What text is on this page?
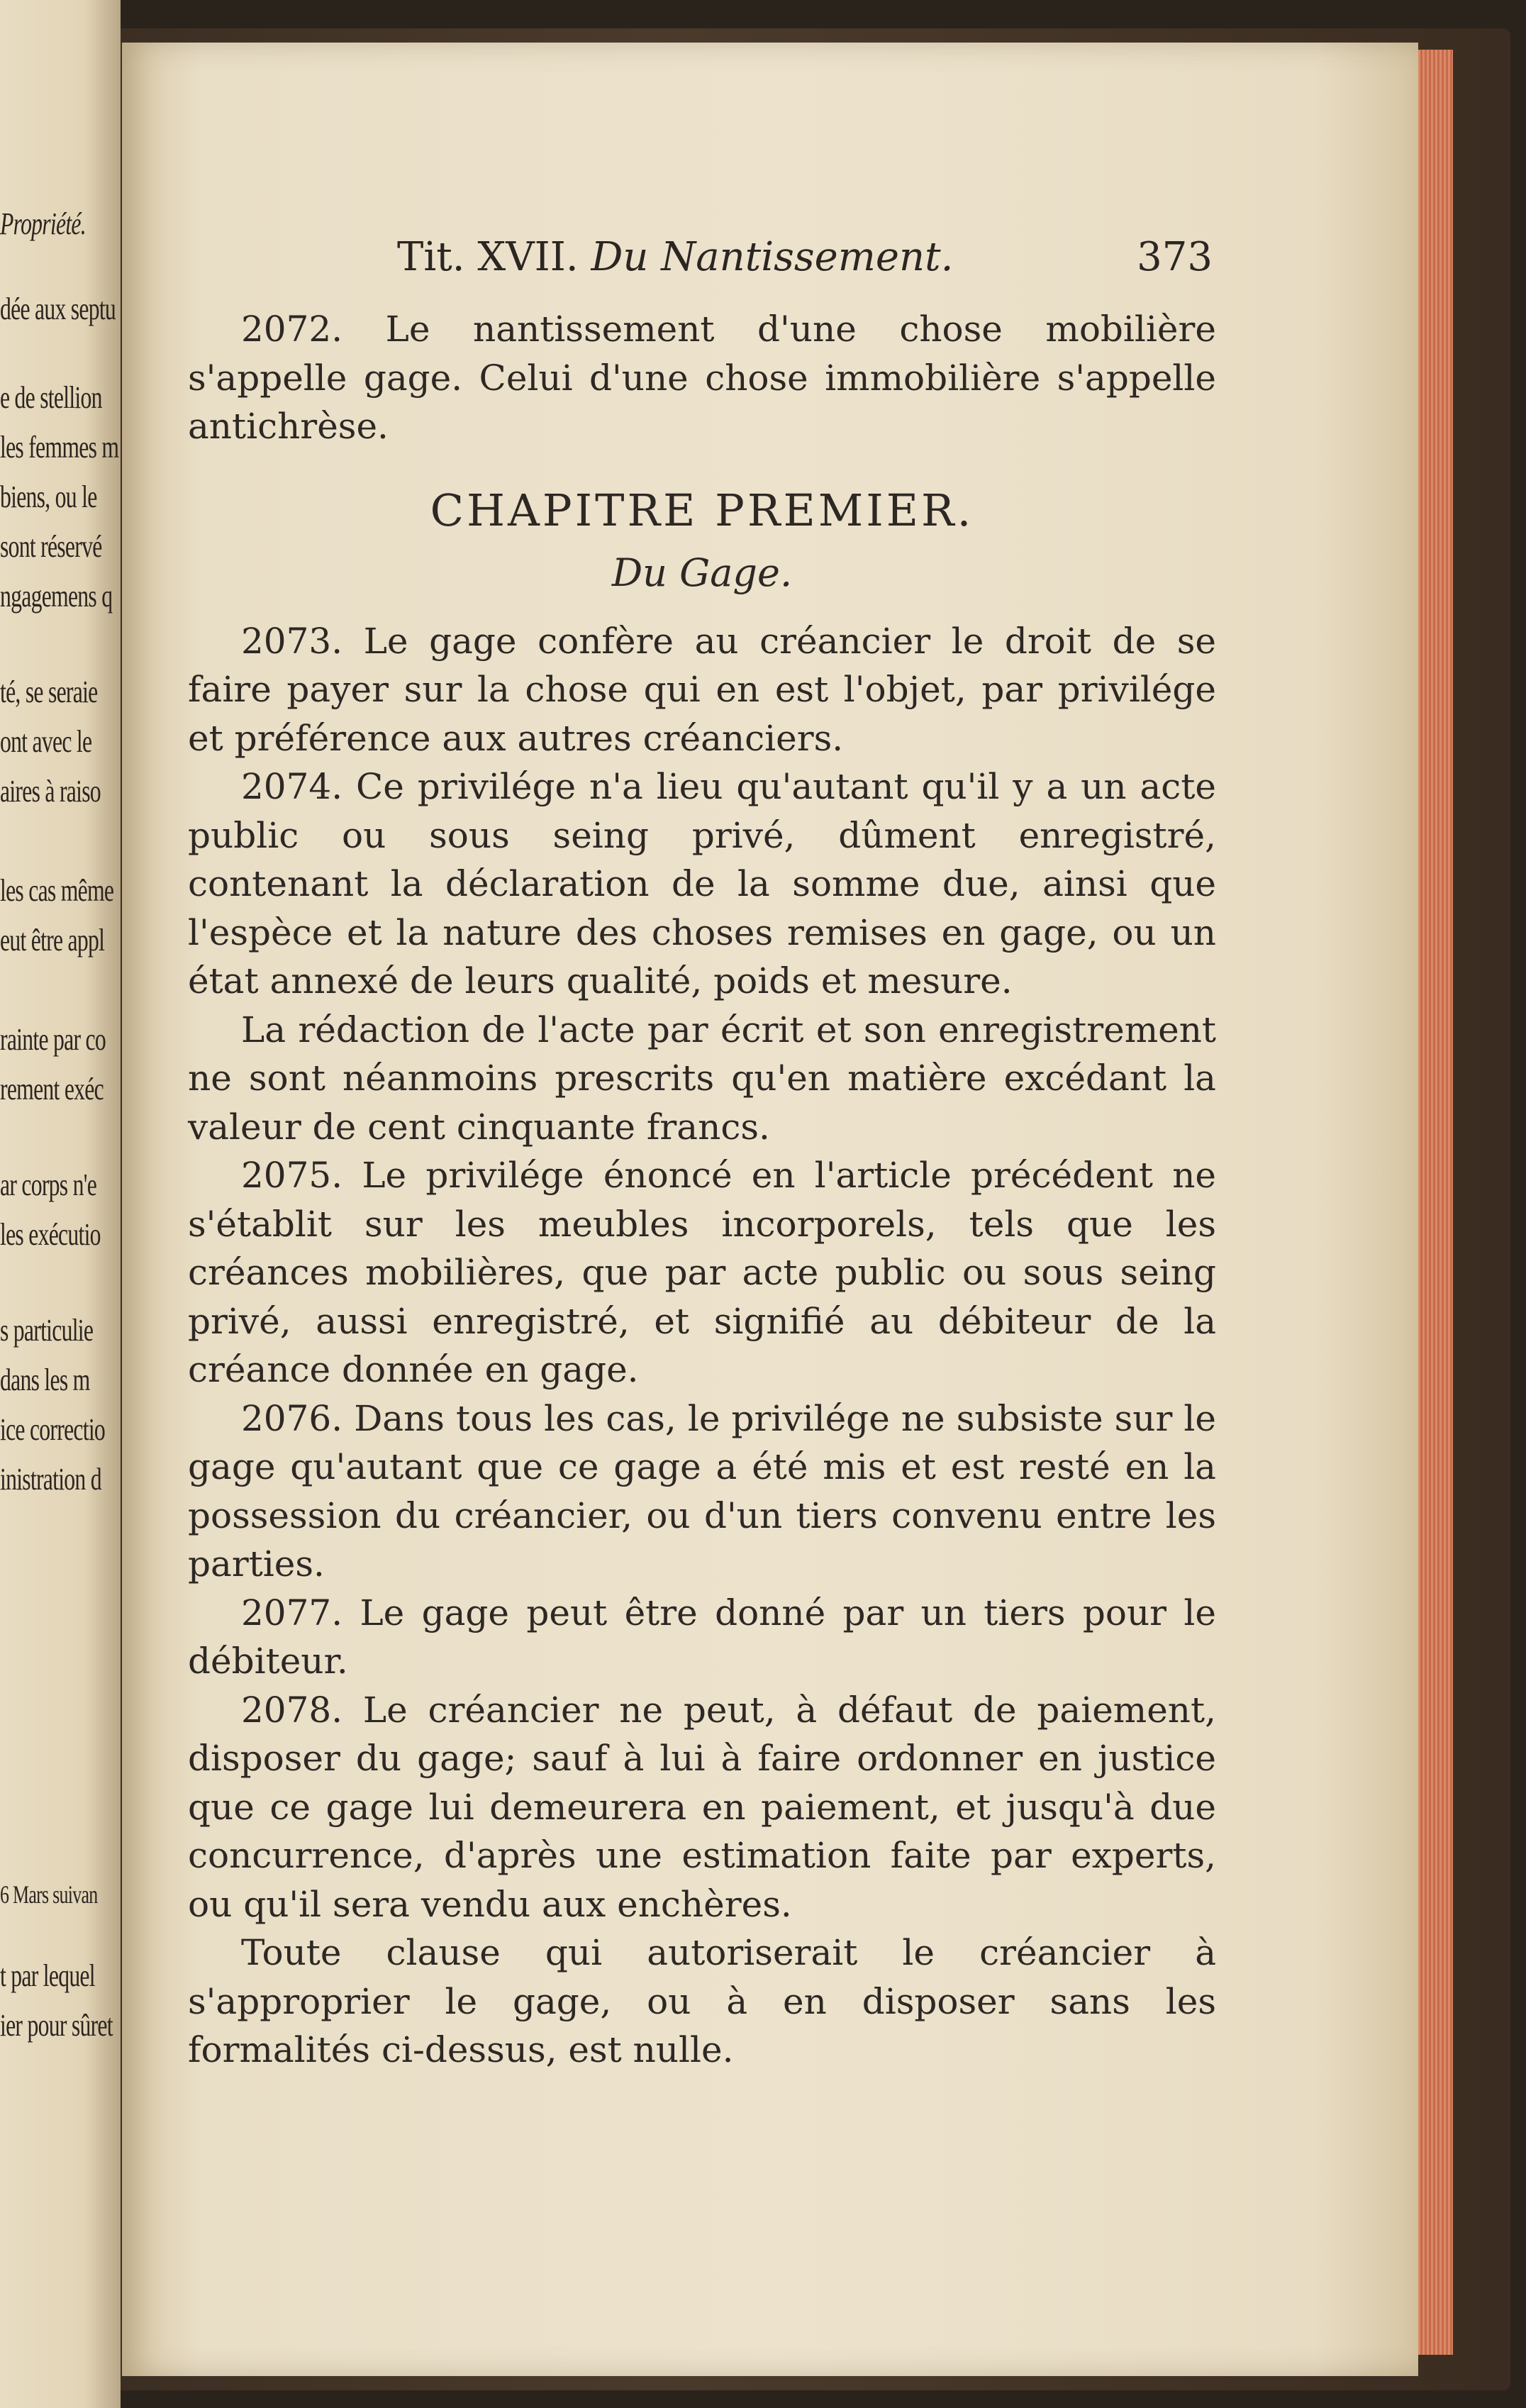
Propriété.
dée aux septu
e de stellion
les femmes m
biens, ou le
sont réservé
ngagemens q
té, se seraie
ont avec le
aires à raiso
les cas même
eut être appl
rainte par co
rement exéc
ar corps n'e
les exécutio
s particulie
dans les m
ice correctio
inistration d
6 Mars suivan
t par lequel
ier pour sûret
Tit. XVII. Du Nantissement.	373

2072. Le nantissement d'une chose mobilière s'appelle gage. Celui d'une chose immobilière s'appelle antichrèse.

CHAPITRE PREMIER.
Du Gage.

2073. Le gage confère au créancier le droit de se faire payer sur la chose qui en est l'objet, par privilége et préférence aux autres créanciers.

2074. Ce privilége n'a lieu qu'autant qu'il y a un acte public ou sous seing privé, dûment enregistré, contenant la déclaration de la somme due, ainsi que l'espèce et la nature des choses remises en gage, ou un état annexé de leurs qualité, poids et mesure.

La rédaction de l'acte par écrit et son enregistrement ne sont néanmoins prescrits qu'en matière excédant la valeur de cent cinquante francs.

2075. Le privilége énoncé en l'article précédent ne s'établit sur les meubles incorporels, tels que les créances mobilières, que par acte public ou sous seing privé, aussi enregistré, et signifié au débiteur de la créance donnée en gage.

2076. Dans tous les cas, le privilége ne subsiste sur le gage qu'autant que ce gage a été mis et est resté en la possession du créancier, ou d'un tiers convenu entre les parties.

2077. Le gage peut être donné par un tiers pour le débiteur.

2078. Le créancier ne peut, à défaut de paiement, disposer du gage; sauf à lui à faire ordonner en justice que ce gage lui demeurera en paiement, et jusqu'à due concurrence, d'après une estimation faite par experts, ou qu'il sera vendu aux enchères.

Toute clause qui autoriserait le créancier à s'approprier le gage, ou à en disposer sans les formalités ci-dessus, est nulle.
